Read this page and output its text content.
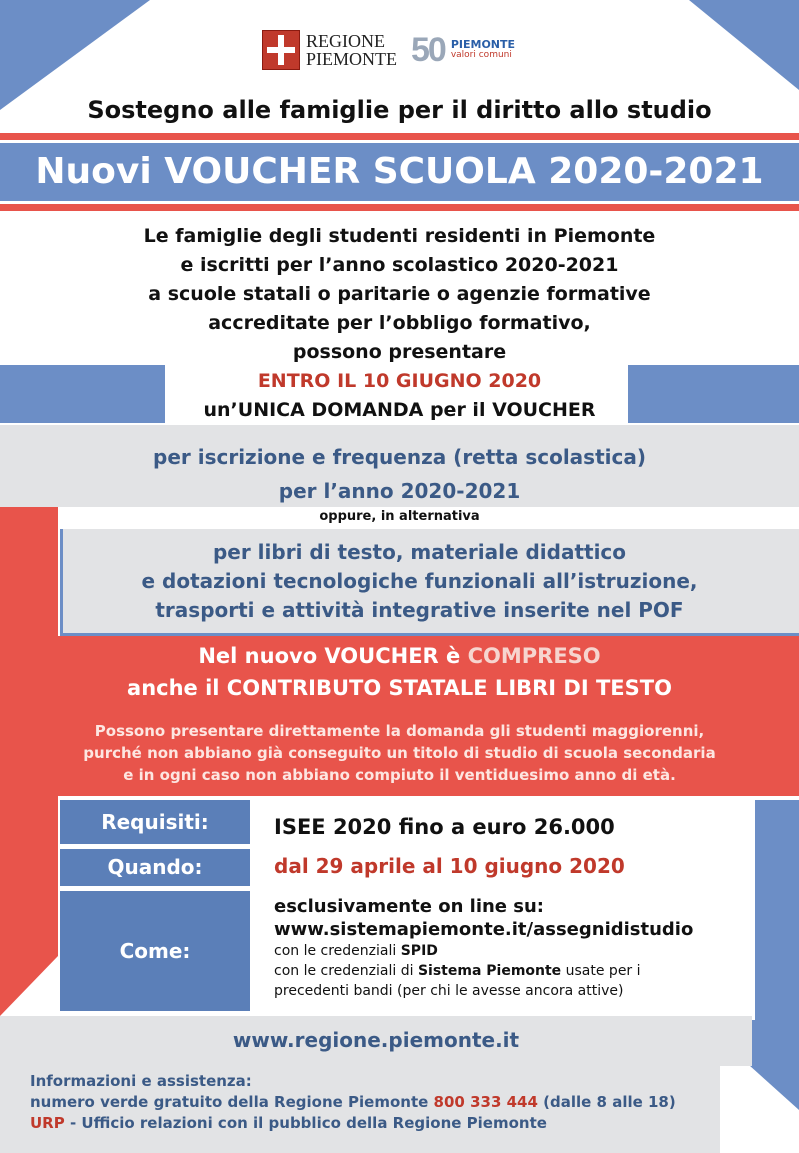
REGIONE
PIEMONTE 50 PIEMONTE
valori comuni
Sostegno alle famiglie per il diritto allo studio
Nuovi VOUCHER SCUOLA 2020-2021
Le famiglie degli studenti residenti in Piemonte
e iscritti per l’anno scolastico 2020-2021
a scuole statali o paritarie o agenzie formative
accreditate per l’obbligo formativo,
possono presentare
ENTRO IL 10 GIUGNO 2020
un’UNICA DOMANDA per il VOUCHER
per iscrizione e frequenza (retta scolastica)
per l’anno 2020-2021
oppure, in alternativa
per libri di testo, materiale didattico
e dotazioni tecnologiche funzionali all’istruzione,
trasporti e attività integrative inserite nel POF
Nel nuovo VOUCHER è COMPRESO
anche il CONTRIBUTO STATALE LIBRI DI TESTO
Possono presentare direttamente la domanda gli studenti maggiorenni,
purché non abbiano già conseguito un titolo di studio di scuola secondaria
e in ogni caso non abbiano compiuto il ventiduesimo anno di età.
Requisiti:	ISEE 2020 fino a euro 26.000
Quando:	dal 29 aprile al 10 giugno 2020
Come:
esclusivamente on line su:
www.sistemapiemonte.it/assegnidistudio
con le credenziali SPID
con le credenziali di Sistema Piemonte usate per i
precedenti bandi (per chi le avesse ancora attive)
www.regione.piemonte.it
Informazioni e assistenza:
numero verde gratuito della Regione Piemonte 800 333 444 (dalle 8 alle 18)
URP - Ufficio relazioni con il pubblico della Regione Piemonte
